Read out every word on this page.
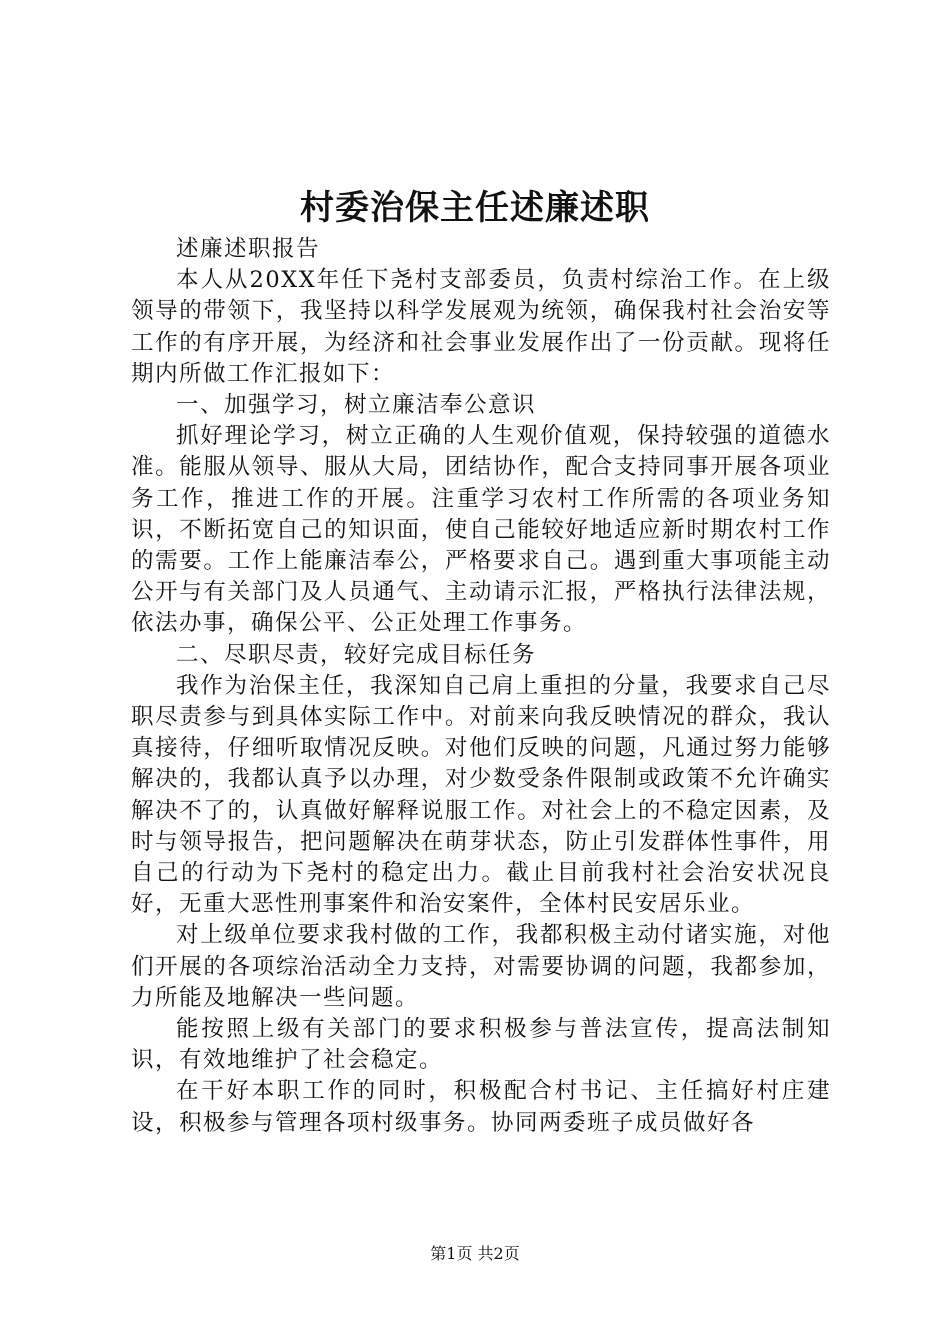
村委治保主任述廉述职

述廉述职报告

本人从20XX年任下尧村支部委员，负责村综治工作。在上级领导的带领下，我坚持以科学发展观为统领，确保我村社会治安等工作的有序开展，为经济和社会事业发展作出了一份贡献。现将任期内所做工作汇报如下：

一、加强学习，树立廉洁奉公意识

抓好理论学习，树立正确的人生观价值观，保持较强的道德水准。能服从领导、服从大局，团结协作，配合支持同事开展各项业务工作，推进工作的开展。注重学习农村工作所需的各项业务知识，不断拓宽自己的知识面，使自己能较好地适应新时期农村工作的需要。工作上能廉洁奉公，严格要求自己。遇到重大事项能主动公开与有关部门及人员通气、主动请示汇报，严格执行法律法规，依法办事，确保公平、公正处理工作事务。

二、尽职尽责，较好完成目标任务

我作为治保主任，我深知自己肩上重担的分量，我要求自己尽职尽责参与到具体实际工作中。对前来向我反映情况的群众，我认真接待，仔细听取情况反映。对他们反映的问题，凡通过努力能够解决的，我都认真予以办理，对少数受条件限制或政策不允许确实解决不了的，认真做好解释说服工作。对社会上的不稳定因素，及时与领导报告，把问题解决在萌芽状态，防止引发群体性事件，用自己的行动为下尧村的稳定出力。截止目前我村社会治安状况良好，无重大恶性刑事案件和治安案件，全体村民安居乐业。

对上级单位要求我村做的工作，我都积极主动付诸实施，对他们开展的各项综治活动全力支持，对需要协调的问题，我都参加，力所能及地解决一些问题。

能按照上级有关部门的要求积极参与普法宣传，提高法制知识，有效地维护了社会稳定。

在干好本职工作的同时，积极配合村书记、主任搞好村庄建设，积极参与管理各项村级事务。协同两委班子成员做好各

第1页 共2页
